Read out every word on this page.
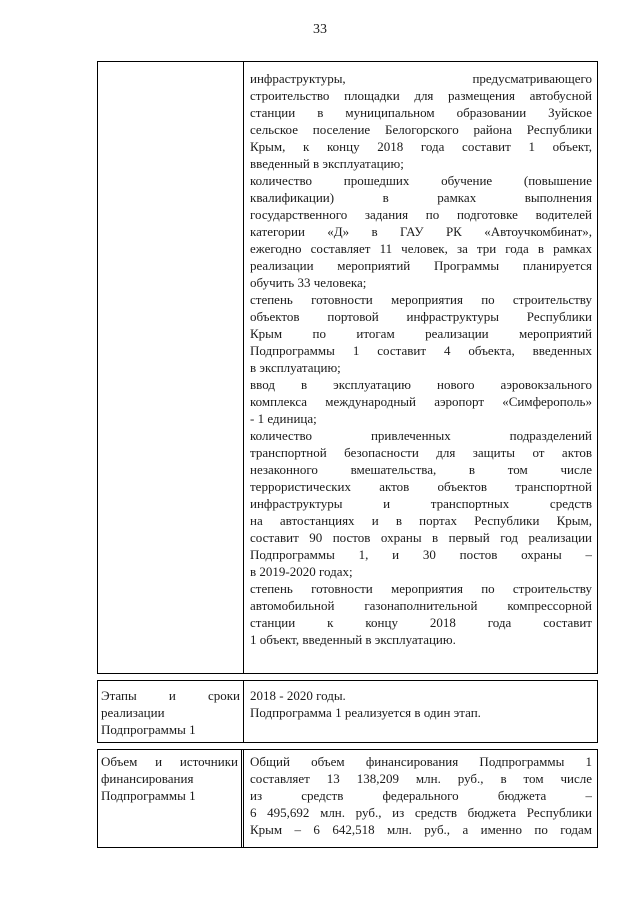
33
инфраструктуры, предусматривающего
строительство площадки для размещения автобусной
станции в муниципальном образовании Зуйское
сельское поселение Белогорского района Республики
Крым, к концу 2018 года составит 1 объект,
введенный в эксплуатацию;
количество прошедших обучение (повышение
квалификации) в рамках выполнения
государственного задания по подготовке водителей
категории «Д» в ГАУ РК «Автоучкомбинат»,
ежегодно составляет 11 человек, за три года в рамках
реализации мероприятий Программы планируется
обучить 33 человека;
степень готовности мероприятия по строительству
объектов портовой инфраструктуры Республики
Крым по итогам реализации мероприятий
Подпрограммы 1 составит 4 объекта, введенных
в эксплуатацию;
ввод в эксплуатацию нового аэровокзального
комплекса международный аэропорт «Симферополь»
- 1 единица;
количество привлеченных подразделений
транспортной безопасности для защиты от актов
незаконного вмешательства, в том числе
террористических актов объектов транспортной
инфраструктуры и транспортных средств
на автостанциях и в портах Республики Крым,
составит 90 постов охраны в первый год реализации
Подпрограммы 1, и 30 постов охраны –
в 2019-2020 годах;
степень готовности мероприятия по строительству
автомобильной газонаполнительной компрессорной
станции к концу 2018 года составит
1 объект, введенный в эксплуатацию.
Этапы и сроки
реализации
Подпрограммы 1
2018 - 2020 годы.
Подпрограмма 1 реализуется в один этап.
Объем и источники
финансирования
Подпрограммы 1
Общий объем финансирования Подпрограммы 1
составляет 13 138,209 млн. руб., в том числе
из средств федерального бюджета –
6 495,692 млн. руб., из средств бюджета Республики
Крым – 6 642,518 млн. руб., а именно по годам
